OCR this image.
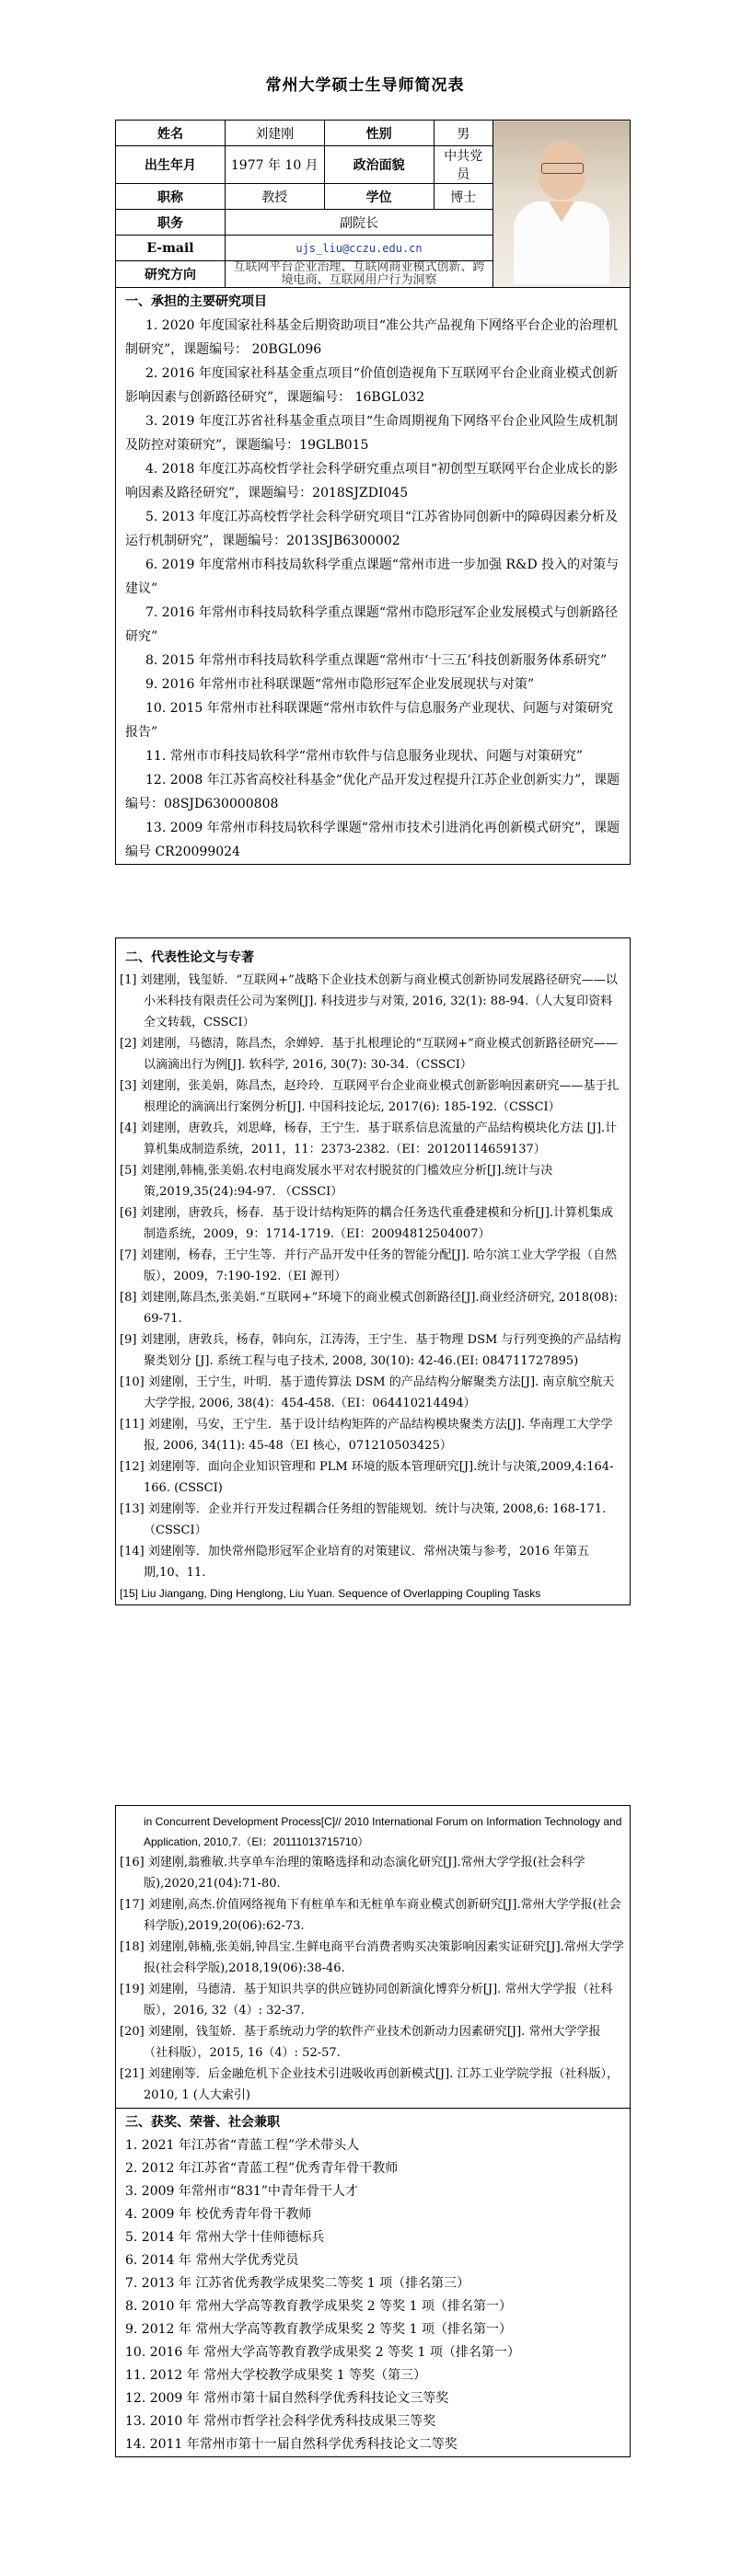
常州大学硕士生导师简况表
姓名	刘建刚	性别	男	

出生年月	1977 年 10 月	政治面貌	中共党员	
职称	教授	学位	博士	
职务	副院长			
E-mail	ujs_liu@cczu.edu.cn			
研究方向	互联网平台企业治理、互联网商业模式创新、跨境电商、互联网用户行为洞察			
一、承担的主要研究项目
1. 2020 年度国家社科基金后期资助项目“准公共产品视角下网络平台企业的治理机制研究”，课题编号： 20BGL096
2. 2016 年度国家社科基金重点项目“价值创造视角下互联网平台企业商业模式创新影响因素与创新路径研究”，课题编号： 16BGL032
3. 2019 年度江苏省社科基金重点项目“生命周期视角下网络平台企业风险生成机制及防控对策研究”，课题编号：19GLB015
4. 2018 年度江苏高校哲学社会科学研究重点项目“初创型互联网平台企业成长的影响因素及路径研究”，课题编号：2018SJZDI045
5. 2013 年度江苏高校哲学社会科学研究项目“江苏省协同创新中的障碍因素分析及运行机制研究”，课题编号：2013SJB6300002
6. 2019 年度常州市科技局软科学重点课题“常州市进一步加强 R&D 投入的对策与建议”
7. 2016 年常州市科技局软科学重点课题“常州市隐形冠军企业发展模式与创新路径研究”
8. 2015 年常州市科技局软科学重点课题“常州市‘十三五’科技创新服务体系研究”
9. 2016 年常州市社科联课题“常州市隐形冠军企业发展现状与对策”
10. 2015 年常州市社科联课题“常州市软件与信息服务产业现状、问题与对策研究报告”
11. 常州市市科技局软科学“常州市软件与信息服务业现状、问题与对策研究”
12. 2008 年江苏省高校社科基金“优化产品开发过程提升江苏企业创新实力”，课题编号：08SJD630000808
13. 2009 年常州市科技局软科学课题“常州市技术引进消化再创新模式研究”，课题编号 CR20099024
二、代表性论文与专著
[1] 刘建刚，钱玺娇．“互联网+”战略下企业技术创新与商业模式创新协同发展路径研究——以小米科技有限责任公司为案例[J]. 科技进步与对策, 2016, 32(1): 88-94.（人大复印资料全文转载，CSSCI）
[2] 刘建刚，马德清，陈昌杰，余婵婷．基于扎根理论的“互联网+”商业模式创新路径研究——以滴滴出行为例[J]. 软科学, 2016, 30(7): 30-34.（CSSCI）
[3] 刘建刚，张美娟，陈昌杰，赵玲玲．互联网平台企业商业模式创新影响因素研究——基于扎根理论的滴滴出行案例分析[J]. 中国科技论坛, 2017(6): 185-192.（CSSCI）
[4] 刘建刚，唐敦兵，刘思峰，杨春，王宁生．基于联系信息流量的产品结构模块化方法 [J].计算机集成制造系统，2011，11：2373-2382.（EI：20120114659137）
[5] 刘建刚,韩楠,张美娟.农村电商发展水平对农村脱贫的门槛效应分析[J].统计与决策,2019,35(24):94-97. （CSSCI）
[6] 刘建刚，唐敦兵，杨春．基于设计结构矩阵的耦合任务迭代重叠建模和分析[J].计算机集成制造系统，2009，9：1714-1719.（EI：20094812504007）
[7] 刘建刚，杨春，王宁生等．并行产品开发中任务的智能分配[J]. 哈尔滨工业大学学报（自然版），2009，7:190-192.（EI 源刊）
[8] 刘建刚,陈昌杰,张美娟.“互联网+”环境下的商业模式创新路径[J].商业经济研究, 2018(08): 69-71.
[9] 刘建刚，唐敦兵，杨春，韩向东，江涛涛，王宁生．基于物理 DSM 与行列变换的产品结构聚类划分 [J]. 系统工程与电子技术, 2008, 30(10): 42-46.(EI: 084711727895)
[10] 刘建刚，王宁生，叶明．基于遗传算法 DSM 的产品结构分解聚类方法[J]. 南京航空航天大学学报, 2006, 38(4)：454-458.（EI：064410214494）
[11] 刘建刚，马安，王宁生．基于设计结构矩阵的产品结构模块聚类方法[J]. 华南理工大学学报, 2006, 34(11): 45-48（EI 核心，071210503425）
[12] 刘建刚等．面向企业知识管理和 PLM 环境的版本管理研究[J].统计与决策,2009,4:164-166. (CSSCI)
[13] 刘建刚等．企业并行开发过程耦合任务组的智能规划．统计与决策, 2008,6: 168-171.（CSSCI）
[14] 刘建刚等．加快常州隐形冠军企业培育的对策建议．常州决策与参考，2016 年第五期,10、11.
[15] Liu Jiangang, Ding Henglong, Liu Yuan. Sequence of Overlapping Coupling Tasks
in Concurrent Development Process[C]// 2010 International Forum on Information Technology and Application, 2010,7.（EI：20111013715710）
[16] 刘建刚,翁雅敏.共享单车治理的策略选择和动态演化研究[J].常州大学学报(社会科学版),2020,21(04):71-80.
[17] 刘建刚,高杰.价值网络视角下有桩单车和无桩单车商业模式创新研究[J].常州大学学报(社会科学版),2019,20(06):62-73.
[18] 刘建刚,韩楠,张美娟,钟昌宝.生鲜电商平台消费者购买决策影响因素实证研究[J].常州大学学报(社会科学版),2018,19(06):38-46.
[19] 刘建刚，马德清．基于知识共享的供应链协同创新演化博弈分析[J]. 常州大学学报（社科版），2016, 32（4）: 32-37.
[20] 刘建刚，钱玺娇．基于系统动力学的软件产业技术创新动力因素研究[J]. 常州大学学报（社科版），2015, 16（4）: 52-57.
[21] 刘建刚等．后金融危机下企业技术引进吸收再创新模式[J]. 江苏工业学院学报（社科版），2010, 1 (人大索引)
三、获奖、荣誉、社会兼职
1. 2021 年江苏省“青蓝工程”学术带头人
2. 2012 年江苏省“青蓝工程”优秀青年骨干教师
3. 2009 年常州市“831”中青年骨干人才
4. 2009 年 校优秀青年骨干教师
5. 2014 年 常州大学十佳师德标兵
6. 2014 年 常州大学优秀党员
7. 2013 年 江苏省优秀教学成果奖二等奖 1 项（排名第三）
8. 2010 年 常州大学高等教育教学成果奖 2 等奖 1 项（排名第一）
9. 2012 年 常州大学高等教育教学成果奖 2 等奖 1 项（排名第一）
10. 2016 年 常州大学高等教育教学成果奖 2 等奖 1 项（排名第一）
11. 2012 年 常州大学校教学成果奖 1 等奖（第三）
12. 2009 年 常州市第十届自然科学优秀科技论文三等奖
13. 2010 年 常州市哲学社会科学优秀科技成果三等奖
14. 2011 年常州市第十一届自然科学优秀科技论文二等奖
